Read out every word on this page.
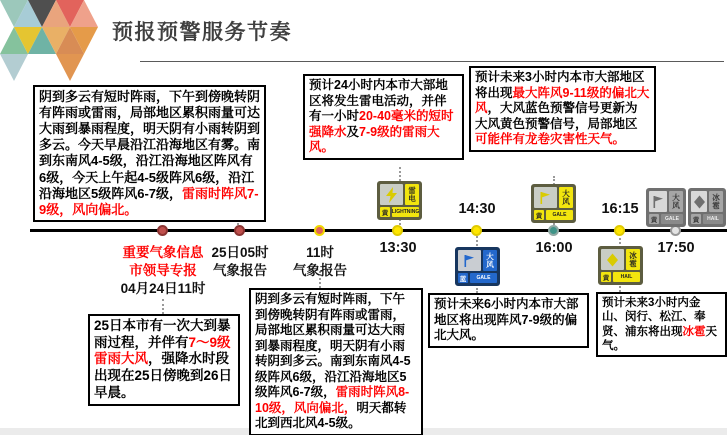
预报预警服务节奏
重要气象信息
市领导专报
04月24日11时
25日05时
气象报告
11时
气象报告
13:30
14:30
16:00
16:15
17:50
雷
电
黄 LIGHTNING
大
风
蓝	GALE
大
风
黄	GALE
冰
雹
黄	HAIL
大
风
黄	GALE
冰
雹
黄	HAIL
阴到多云有短时阵雨，下午到傍晚转阴有阵雨或雷雨，局部地区累积雨量可达大雨到暴雨程度，明天阴有小雨转阴到多云。今天早晨沿江沿海地区有雾。南到东南风4-5级，沿江沿海地区阵风有6级，今天上午起4-5级阵风6级，沿江沿海地区5级阵风6-7级，雷雨时阵风7-9级，风向偏北。
预计24小时内本市大部地区将发生雷电活动，并伴有一小时20-40毫米的短时强降水及7-9级的雷雨大风。
预计未来3小时内本市大部地区将出现最大阵风9-11级的偏北大风，大风蓝色预警信号更新为大风黄色预警信号，局部地区可能伴有龙卷灾害性天气。
25日本市有一次大到暴雨过程，并伴有7～9级雷雨大风，强降水时段出现在25日傍晚到26日早晨。
阴到多云有短时阵雨，下午到傍晚转阴有阵雨或雷雨，局部地区累积雨量可达大雨到暴雨程度，明天阴有小雨转阴到多云。南到东南风4-5级阵风6级，沿江沿海地区5级阵风6-7级，雷雨时阵风8-10级，风向偏北，明天都转北到西北风4-5级。
预计未来6小时内本市大部地区将出现阵风7-9级的偏北大风。
预计未来3小时内金山、闵行、松江、奉贤、浦东将出现冰雹天气。
